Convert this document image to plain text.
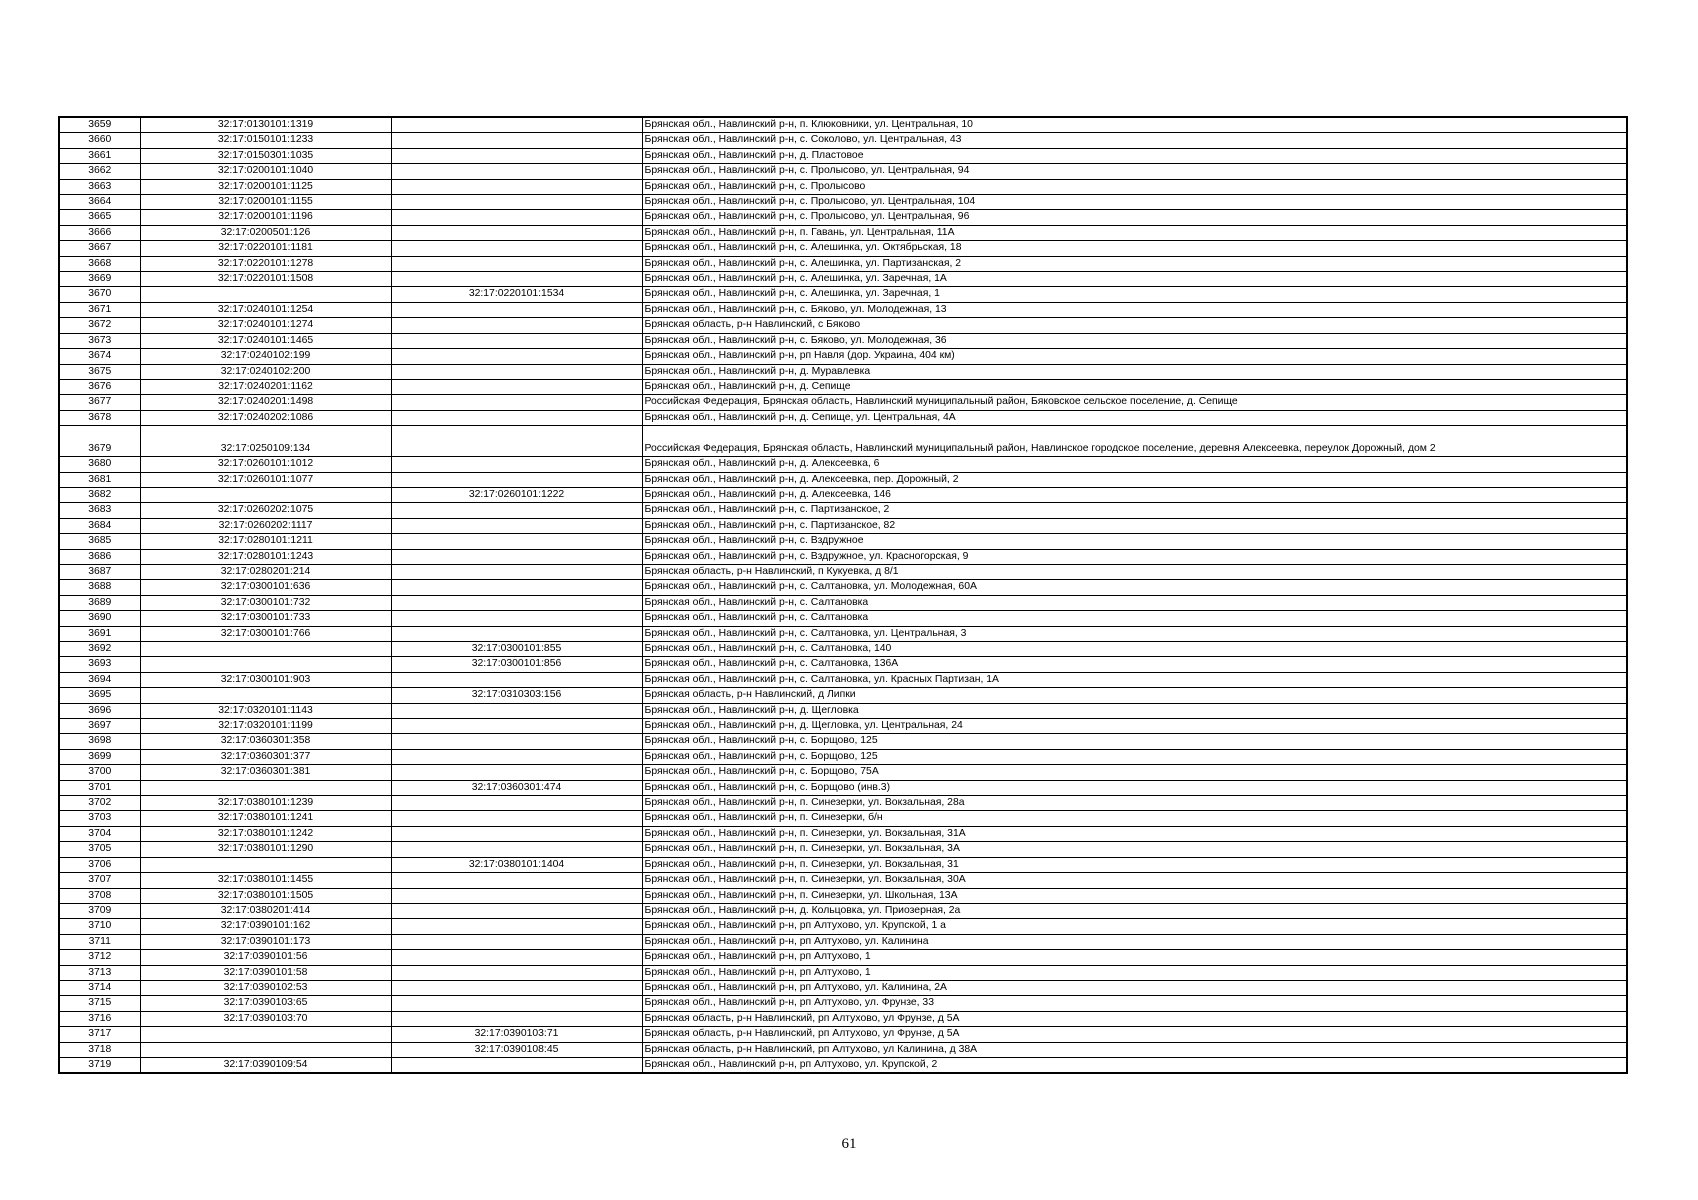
3659	32:17:0130101:1319		Брянская обл., Навлинский р-н, п. Клюковники, ул. Центральная, 10
3660	32:17:0150101:1233		Брянская обл., Навлинский р-н, с. Соколово, ул. Центральная, 43
3661	32:17:0150301:1035		Брянская обл., Навлинский р-н, д. Пластовое
3662	32:17:0200101:1040		Брянская обл., Навлинский р-н, с. Пролысово, ул. Центральная, 94
3663	32:17:0200101:1125		Брянская обл., Навлинский р-н, с. Пролысово
3664	32:17:0200101:1155		Брянская обл., Навлинский р-н, с. Пролысово, ул. Центральная, 104
3665	32:17:0200101:1196		Брянская обл., Навлинский р-н, с. Пролысово, ул. Центральная, 96
3666	32:17:0200501:126		Брянская обл., Навлинский р-н, п. Гавань, ул. Центральная, 11А
3667	32:17:0220101:1181		Брянская обл., Навлинский р-н, с. Алешинка, ул. Октябрьская, 18
3668	32:17:0220101:1278		Брянская обл., Навлинский р-н, с. Алешинка, ул. Партизанская, 2
3669	32:17:0220101:1508		Брянская обл., Навлинский р-н, с. Алешинка, ул. Заречная, 1А
3670		32:17:0220101:1534	Брянская обл., Навлинский р-н, с. Алешинка, ул. Заречная, 1
3671	32:17:0240101:1254		Брянская обл., Навлинский р-н, с. Бяково, ул. Молодежная, 13
3672	32:17:0240101:1274		Брянская область, р-н Навлинский, с Бяково
3673	32:17:0240101:1465		Брянская обл., Навлинский р-н, с. Бяково, ул. Молодежная, 36
3674	32:17:0240102:199		Брянская обл., Навлинский р-н, рп Навля (дор. Украина, 404 км)
3675	32:17:0240102:200		Брянская обл., Навлинский р-н, д. Муравлевка
3676	32:17:0240201:1162		Брянская обл., Навлинский р-н, д. Сепище
3677	32:17:0240201:1498		Российская Федерация, Брянская область, Навлинский муниципальный район, Бяковское сельское поселение, д. Сепище
3678	32:17:0240202:1086		Брянская обл., Навлинский р-н, д. Сепище, ул. Центральная, 4А
3679	32:17:0250109:134		Российская Федерация, Брянская область, Навлинский муниципальный район, Навлинское городское поселение, деревня Алексеевка, переулок Дорожный, дом 2
3680	32:17:0260101:1012		Брянская обл., Навлинский р-н, д. Алексеевка, 6
3681	32:17:0260101:1077		Брянская обл., Навлинский р-н, д. Алексеевка, пер. Дорожный, 2
3682		32:17:0260101:1222	Брянская обл., Навлинский р-н, д. Алексеевка, 146
3683	32:17:0260202:1075		Брянская обл., Навлинский р-н, с. Партизанское, 2
3684	32:17:0260202:1117		Брянская обл., Навлинский р-н, с. Партизанское, 82
3685	32:17:0280101:1211		Брянская обл., Навлинский р-н, с. Вздружное
3686	32:17:0280101:1243		Брянская обл., Навлинский р-н, с. Вздружное, ул. Красногорская, 9
3687	32:17:0280201:214		Брянская область, р-н Навлинский, п Кукуевка, д 8/1
3688	32:17:0300101:636		Брянская обл., Навлинский р-н, с. Салтановка, ул. Молодежная, 60А
3689	32:17:0300101:732		Брянская обл., Навлинский р-н, с. Салтановка
3690	32:17:0300101:733		Брянская обл., Навлинский р-н, с. Салтановка
3691	32:17:0300101:766		Брянская обл., Навлинский р-н, с. Салтановка, ул. Центральная, 3
3692		32:17:0300101:855	Брянская обл., Навлинский р-н, с. Салтановка, 140
3693		32:17:0300101:856	Брянская обл., Навлинский р-н, с. Салтановка, 136А
3694	32:17:0300101:903		Брянская обл., Навлинский р-н, с. Салтановка, ул. Красных Партизан, 1А
3695		32:17:0310303:156	Брянская область, р-н Навлинский, д Липки
3696	32:17:0320101:1143		Брянская обл., Навлинский р-н, д. Щегловка
3697	32:17:0320101:1199		Брянская обл., Навлинский р-н, д. Щегловка, ул. Центральная, 24
3698	32:17:0360301:358		Брянская обл., Навлинский р-н, с. Борщово, 125
3699	32:17:0360301:377		Брянская обл., Навлинский р-н, с. Борщово, 125
3700	32:17:0360301:381		Брянская обл., Навлинский р-н, с. Борщово, 75А
3701		32:17:0360301:474	Брянская обл., Навлинский р-н, с. Борщово (инв.3)
3702	32:17:0380101:1239		Брянская обл., Навлинский р-н, п. Синезерки, ул. Вокзальная, 28а
3703	32:17:0380101:1241		Брянская обл., Навлинский р-н, п. Синезерки, б/н
3704	32:17:0380101:1242		Брянская обл., Навлинский р-н, п. Синезерки, ул. Вокзальная, 31А
3705	32:17:0380101:1290		Брянская обл., Навлинский р-н, п. Синезерки, ул. Вокзальная, 3А
3706		32:17:0380101:1404	Брянская обл., Навлинский р-н, п. Синезерки, ул. Вокзальная, 31
3707	32:17:0380101:1455		Брянская обл., Навлинский р-н, п. Синезерки, ул. Вокзальная, 30А
3708	32:17:0380101:1505		Брянская обл., Навлинский р-н, п. Синезерки, ул. Школьная, 13А
3709	32:17:0380201:414		Брянская обл., Навлинский р-н, д. Кольцовка, ул. Приозерная, 2а
3710	32:17:0390101:162		Брянская обл., Навлинский р-н, рп Алтухово, ул. Крупской, 1 а
3711	32:17:0390101:173		Брянская обл., Навлинский р-н, рп Алтухово, ул. Калинина
3712	32:17:0390101:56		Брянская обл., Навлинский р-н, рп Алтухово, 1
3713	32:17:0390101:58		Брянская обл., Навлинский р-н, рп Алтухово, 1
3714	32:17:0390102:53		Брянская обл., Навлинский р-н, рп Алтухово, ул. Калинина, 2А
3715	32:17:0390103:65		Брянская обл., Навлинский р-н, рп Алтухово, ул. Фрунзе, 33
3716	32:17:0390103:70		Брянская область, р-н Навлинский, рп Алтухово, ул Фрунзе, д 5А
3717		32:17:0390103:71	Брянская область, р-н Навлинский, рп Алтухово, ул Фрунзе, д 5А
3718		32:17:0390108:45	Брянская область, р-н Навлинский, рп Алтухово, ул Калинина, д 38А
3719	32:17:0390109:54		Брянская обл., Навлинский р-н, рп Алтухово, ул. Крупской, 2
61
